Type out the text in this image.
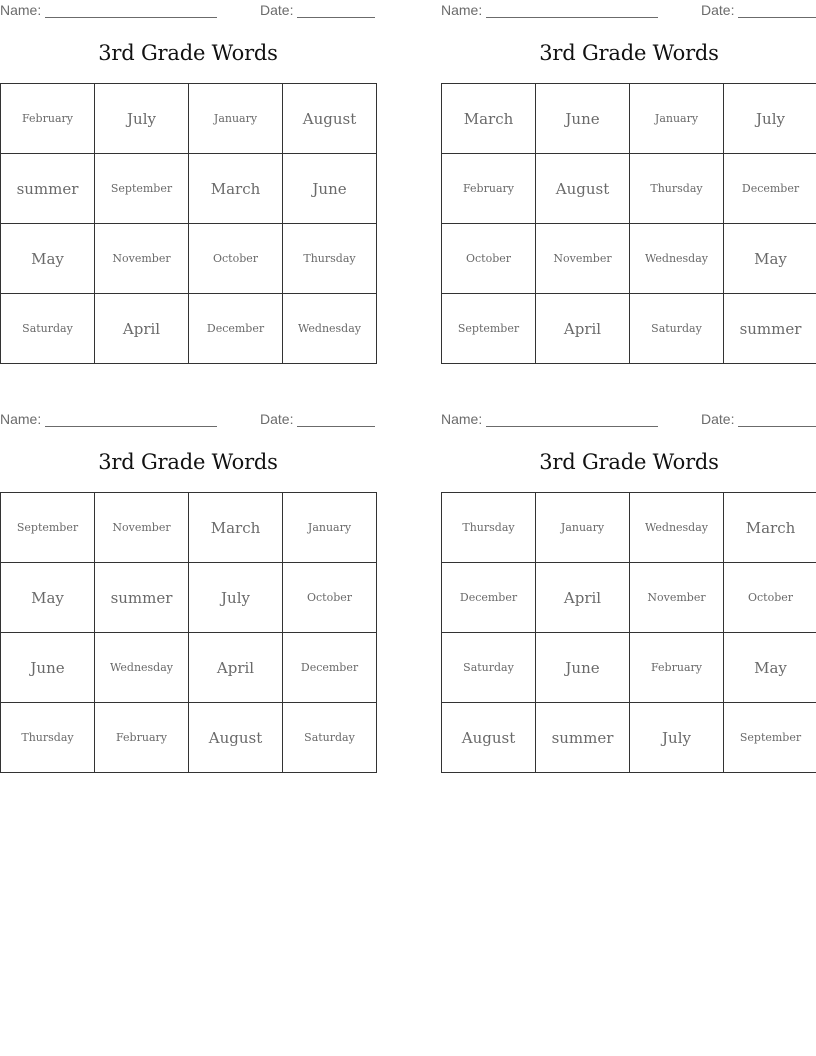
Name:	Date:
3rd Grade Words
February	July	January	August
summer	September	March	June
May	November	October	Thursday
Saturday	April	December	Wednesday
Name:	Date:
3rd Grade Words
March	June	January	July
February	August	Thursday	December
October	November	Wednesday	May
September	April	Saturday	summer
Name:	Date:
3rd Grade Words
September	November	March	January
May	summer	July	October
June	Wednesday	April	December
Thursday	February	August	Saturday
Name:	Date:
3rd Grade Words
Thursday	January	Wednesday	March
December	April	November	October
Saturday	June	February	May
August	summer	July	September
